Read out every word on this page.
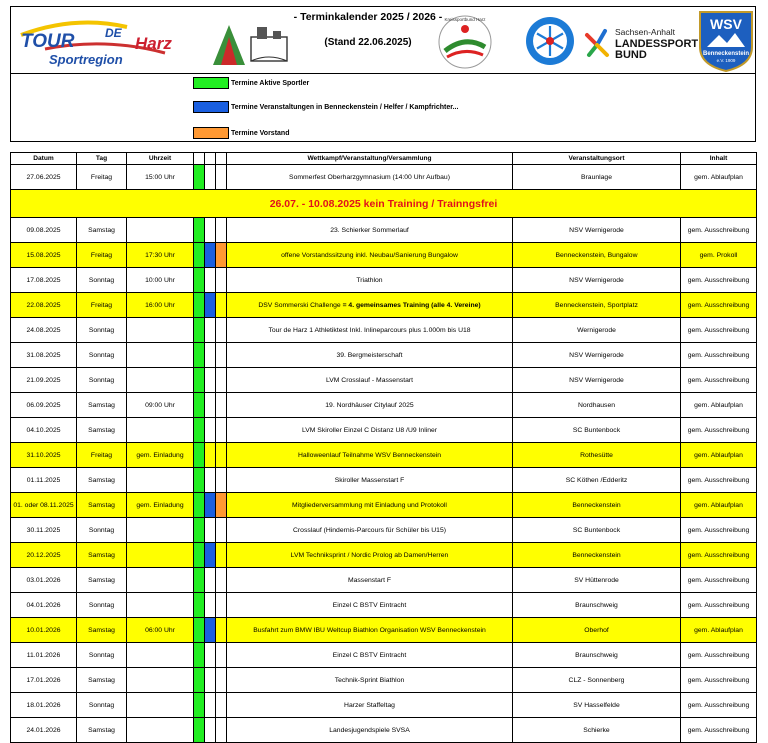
TOUR	DE
Harz
Sportregion
- Terminkalender 2025 / 2026 -
(Stand 22.06.2025)
Kreissportbund Harz
Sachsen-Anhalt
LANDESSPORT
BUND
WSV
Benneckenstein
e.V. 1909
Termine Aktive Sportler
Termine Veranstaltungen in Benneckenstein / Helfer / Kampfrichter...
Termine Vorstand
Datum	Tag	Uhrzeit				Wettkampf/Veranstaltung/Versammlung	Veranstaltungsort	Inhalt
27.06.2025	Freitag	15:00 Uhr				Sommerfest Oberharzgymnasium (14:00 Uhr Aufbau)	Braunlage	gem. Ablaufplan
26.07. - 10.08.2025 kein Training / Trainngsfrei								
09.08.2025	Samstag					23. Schierker Sommerlauf	NSV Wernigerode	gem. Ausschreibung
15.08.2025	Freitag	17:30 Uhr				offene Vorstandssitzung inkl. Neubau/Sanierung Bungalow	Benneckenstein, Bungalow	gem. Prokoll
17.08.2025	Sonntag	10:00 Uhr				Triathlon	NSV Wernigerode	gem. Ausschreibung
22.08.2025	Freitag	16:00 Uhr				DSV Sommerski Challenge = 4. gemeinsames Training (alle 4. Vereine)	Benneckenstein, Sportplatz	gem. Ausschreibung
24.08.2025	Sonntag					Tour de Harz 1 Athletiktest Inkl. Inlineparcours plus 1.000m bis U18	Wernigerode	gem. Ausschreibung
31.08.2025	Sonntag					39. Bergmeisterschaft	NSV Wernigerode	gem. Ausschreibung
21.09.2025	Sonntag					LVM Crosslauf - Massenstart	NSV Wernigerode	gem. Ausschreibung
06.09.2025	Samstag	09:00 Uhr				19. Nordhäuser Citylauf 2025	Nordhausen	gem. Ablaufplan
04.10.2025	Samstag					LVM Skiroller Einzel C Distanz U8 /U9 Inliner	SC Buntenbock	gem. Ausschreibung
31.10.2025	Freitag	gem. Einladung				Halloweenlauf Teilnahme WSV Benneckenstein	Rothesütte	gem. Ablaufplan
01.11.2025	Samstag					Skiroller Massenstart F	SC Köthen /Edderitz	gem. Ausschreibung
01. oder 08.11.2025	Samstag	gem. Einladung				Mitgliederversammlung mit Einladung und Protokoll	Benneckenstein	gem. Ablaufplan
30.11.2025	Sonntag					Crosslauf (Hindernis-Parcours für Schüler bis U15)	SC Buntenbock	gem. Ausschreibung
20.12.2025	Samstag					LVM Techniksprint / Nordic Prolog ab Damen/Herren	Benneckenstein	gem. Ausschreibung
03.01.2026	Samstag					Massenstart F	SV Hüttenrode	gem. Ausschreibung
04.01.2026	Sonntag					Einzel C BSTV Eintracht	Braunschweig	gem. Ausschreibung
10.01.2026	Samstag	06:00 Uhr				Busfahrt zum BMW IBU Weltcup Biathlon Organisation WSV Benneckenstein	Oberhof	gem. Ablaufplan
11.01.2026	Sonntag					Einzel C BSTV Eintracht	Braunschweig	gem. Ausschreibung
17.01.2026	Samstag					Technik-Sprint Biathlon	CLZ - Sonnenberg	gem. Ausschreibung
18.01.2026	Sonntag					Harzer Staffeltag	SV Hasselfelde	gem. Ausschreibung
24.01.2026	Samstag					Landesjugendspiele SVSA	Schierke	gem. Ausschreibung
